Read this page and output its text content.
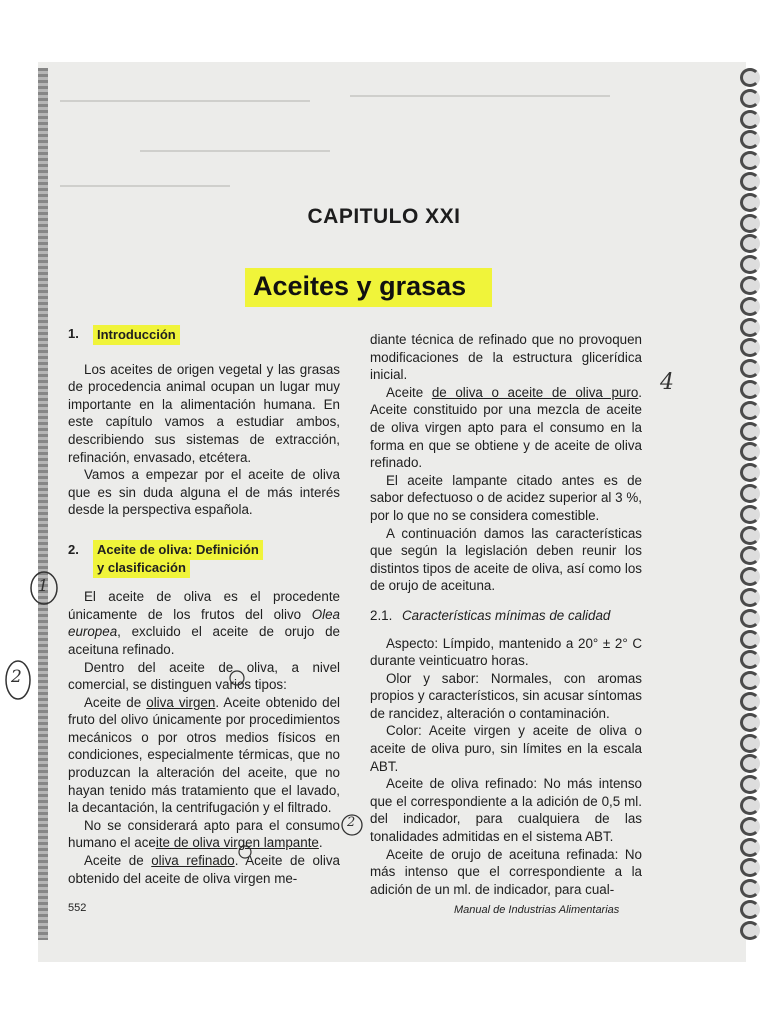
CAPITULO XXI
Aceites y grasas
1.	Introducción

Los aceites de origen vegetal y las grasas de procedencia animal ocupan un lugar muy importante en la alimentación humana. En este capítulo vamos a estudiar ambos, describiendo sus sistemas de extracción, refinación, envasado, etcétera.

Vamos a empezar por el aceite de oliva que es sin duda alguna el de más interés desde la perspectiva española.

2.	Aceite de oliva: Definición
y clasificación

El aceite de oliva es el procedente únicamente de los frutos del olivo Olea europea, excluido el aceite de orujo de aceituna refinado.

Dentro del aceite de oliva, a nivel comercial, se distinguen varios tipos:

Aceite de oliva virgen. Aceite obtenido del fruto del olivo únicamente por procedimientos mecánicos o por otros medios físicos en condiciones, especialmente térmicas, que no produzcan la alteración del aceite, que no hayan tenido más tratamiento que el lavado, la decantación, la centrifugación y el filtrado.

No se considerará apto para el consumo humano el aceite de oliva virgen lampante.

Aceite de oliva refinado. Aceite de oliva obtenido del aceite de oliva virgen me-

diante técnica de refinado que no provoquen modificaciones de la estructura glicerídica inicial.

Aceite de oliva o aceite de oliva puro. Aceite constituido por una mezcla de aceite de oliva virgen apto para el consumo en la forma en que se obtiene y de aceite de oliva refinado.

El aceite lampante citado antes es de sabor defectuoso o de acidez superior al 3 %, por lo que no se considera comestible.

A continuación damos las características que según la legislación deben reunir los distintos tipos de aceite de oliva, así como los de orujo de aceituna.

2.1. Características mínimas de calidad

Aspecto: Límpido, mantenido a 20° ± 2° C durante veinticuatro horas.

Olor y sabor: Normales, con aromas propios y característicos, sin acusar síntomas de rancidez, alteración o contaminación.

Color: Aceite virgen y aceite de oliva o aceite de oliva puro, sin límites en la escala ABT.

Aceite de oliva refinado: No más intenso que el correspondiente a la adición de 0,5 ml. del indicador, para cualquiera de las tonalidades admitidas en el sistema ABT.

Aceite de orujo de aceituna refinada: No más intenso que el correspondiente a la adición de un ml. de indicador, para cual-

1
2
2
4
552	Manual de Industrias Alimentarias
